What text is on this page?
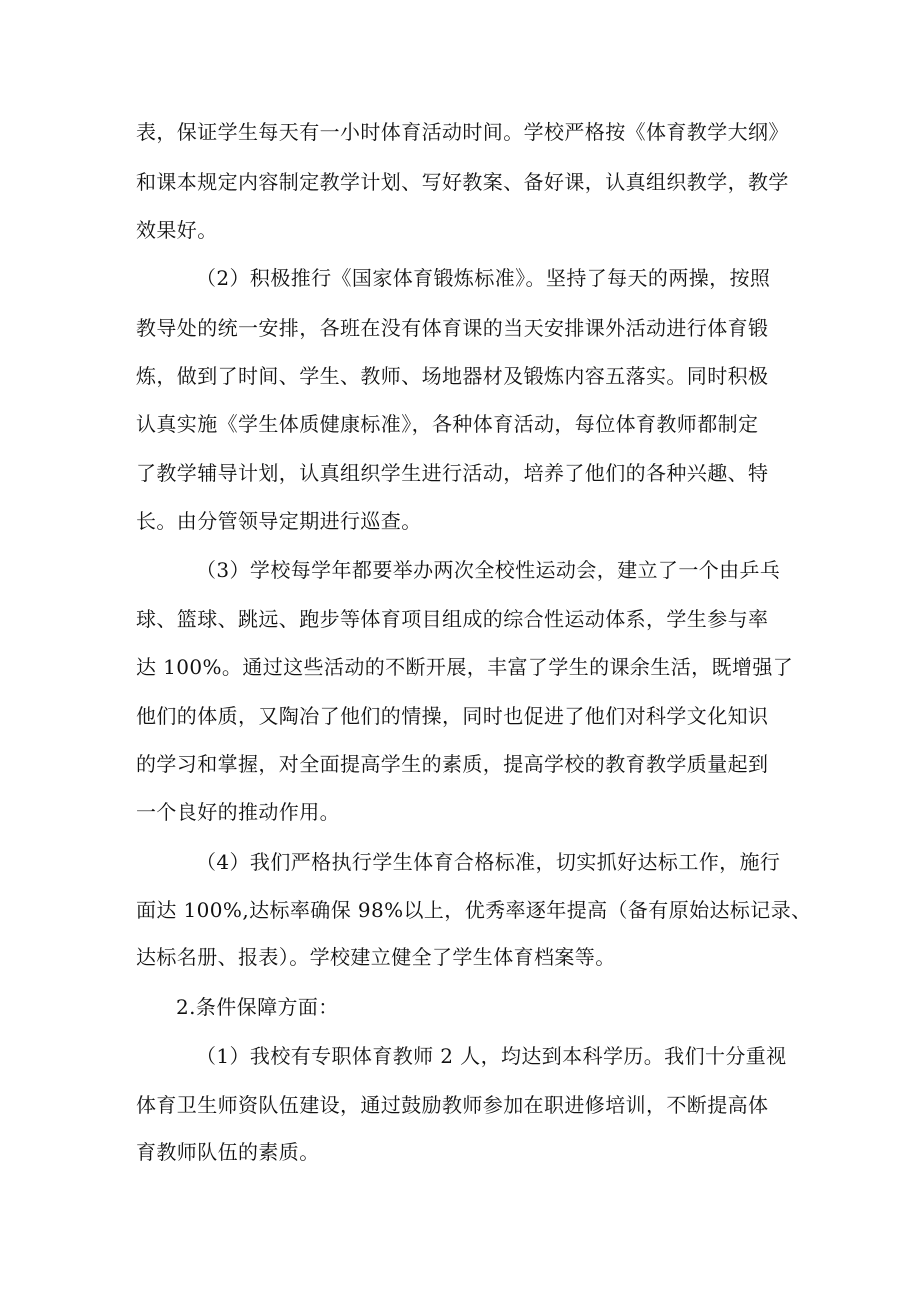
表，保证学生每天有一小时体育活动时间。学校严格按《体育教学大纲》
和课本规定内容制定教学计划、写好教案、备好课，认真组织教学，教学
效果好。
（2）积极推行《国家体育锻炼标准》。坚持了每天的两操，按照
教导处的统一安排，各班在没有体育课的当天安排课外活动进行体育锻
炼，做到了时间、学生、教师、场地器材及锻炼内容五落实。同时积极
认真实施《学生体质健康标准》，各种体育活动，每位体育教师都制定
了教学辅导计划，认真组织学生进行活动，培养了他们的各种兴趣、特
长。由分管领导定期进行巡查。
（3）学校每学年都要举办两次全校性运动会，建立了一个由乒乓
球、篮球、跳远、跑步等体育项目组成的综合性运动体系，学生参与率
达 100%。通过这些活动的不断开展，丰富了学生的课余生活，既增强了
他们的体质，又陶冶了他们的情操，同时也促进了他们对科学文化知识
的学习和掌握，对全面提高学生的素质，提高学校的教育教学质量起到
一个良好的推动作用。
（4）我们严格执行学生体育合格标准，切实抓好达标工作，施行
面达 100%,达标率确保 98%以上，优秀率逐年提高（备有原始达标记录、
达标名册、报表）。学校建立健全了学生体育档案等。
2.条件保障方面：
（1）我校有专职体育教师 2 人，均达到本科学历。我们十分重视
体育卫生师资队伍建设，通过鼓励教师参加在职进修培训，不断提高体
育教师队伍的素质。
